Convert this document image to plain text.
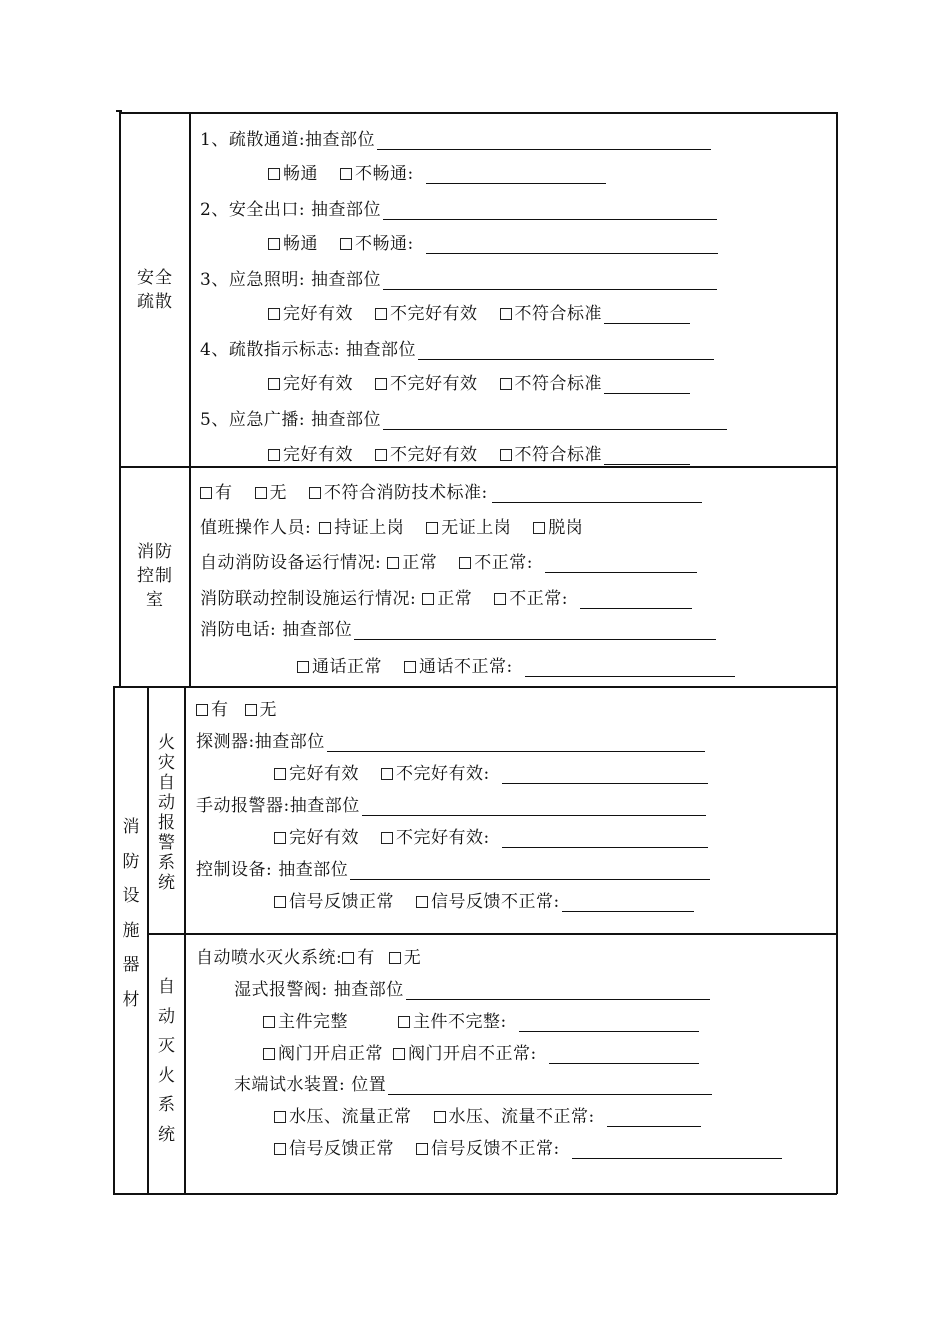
安全疏散
1、疏散通道: 抽查部位
畅通 不畅通:
2、安全出口: 抽查部位
畅通 不畅通:
3、应急照明: 抽查部位
完好有效 不完好有效 不符合标准
4、疏散指示标志: 抽查部位
完好有效 不完好有效 不符合标准
5、应急广播: 抽查部位
完好有效 不完好有效 不符合标准
消防控制室
有 无 不符合消防技术标准:
值班操作人员: 持证上岗 无证上岗 脱岗
自动消防设备运行情况: 正常 不正常:
消防联动控制设施运行情况: 正常 不正常:
消防电话: 抽查部位
通话正常 通话不正常:
消防设施器材
火灾自动报警系统
自动灭火系统
有 无
探测器: 抽查部位
完好有效 不完好有效:
手动报警器: 抽查部位
完好有效 不完好有效:
控制设备: 抽查部位
信号反馈正常 信号反馈不正常:
自动喷水灭火系统: 有 无
湿式报警阀: 抽查部位
主件完整	主件不完整:
阀门开启正常 阀门开启不正常:
末端试水装置: 位置
水压、流量正常 水压、流量不正常:
信号反馈正常 信号反馈不正常:
